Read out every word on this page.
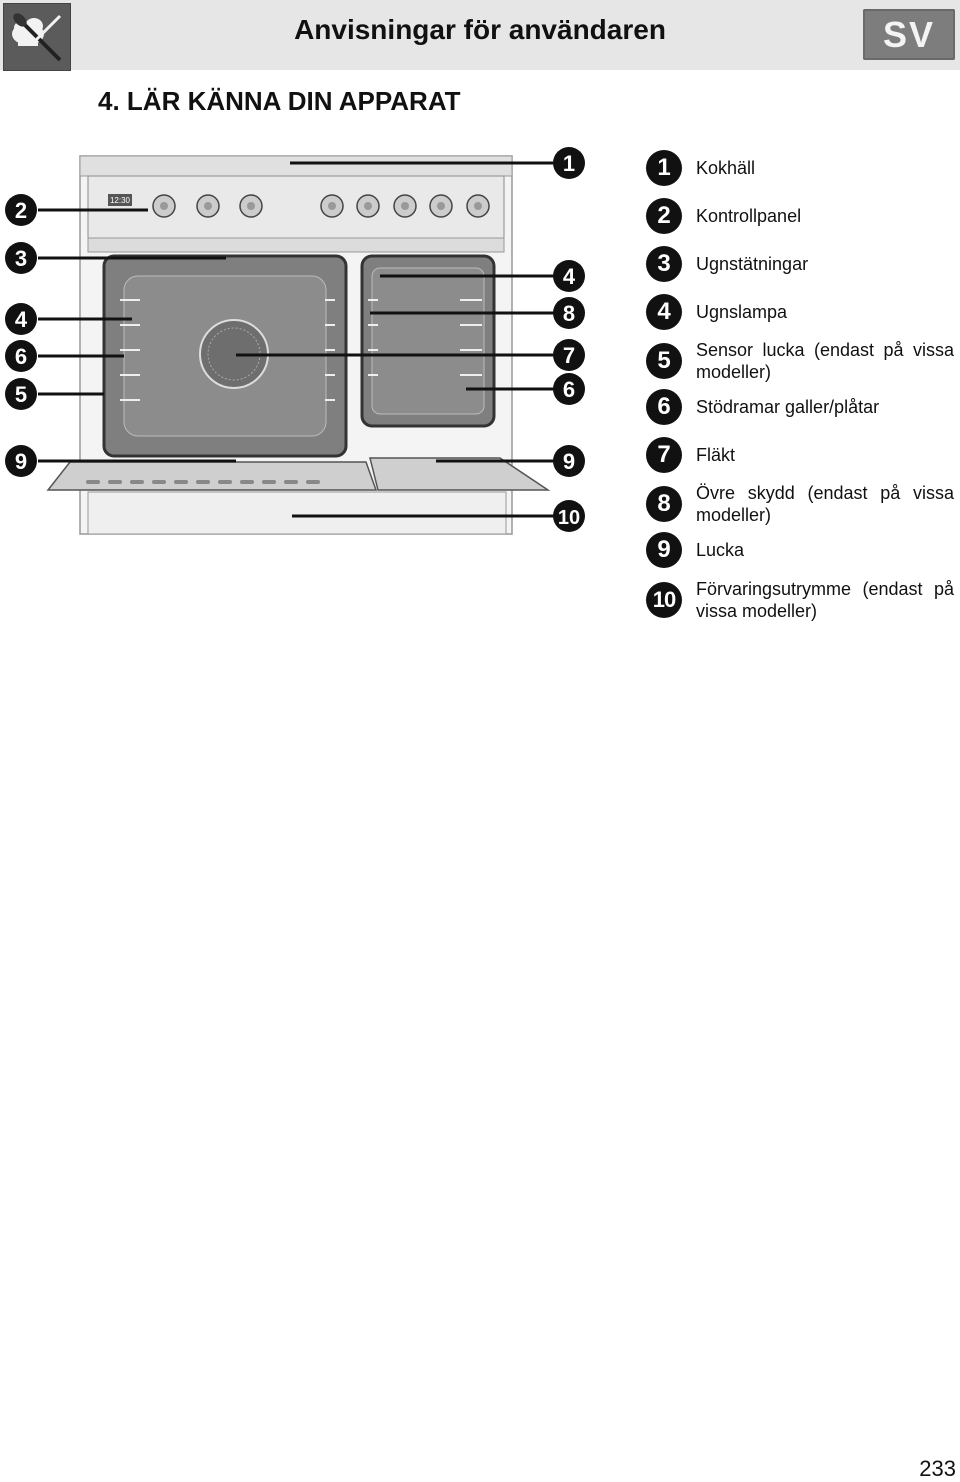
Anvisningar för användaren	SV
4. LÄR KÄNNA DIN APPARAT
12:30
2
3
4
6
5
9
1
4
8
7
6
9
10
1	Kokhäll
2	Kontrollpanel
3	Ugnstätningar
4	Ugnslampa
5	Sensor lucka (endast på vissa modeller)
6	Stödramar galler/plåtar
7	Fläkt
8	Övre skydd (endast på vissa modeller)
9	Lucka
10	Förvaringsutrymme (endast på vissa modeller)
233
